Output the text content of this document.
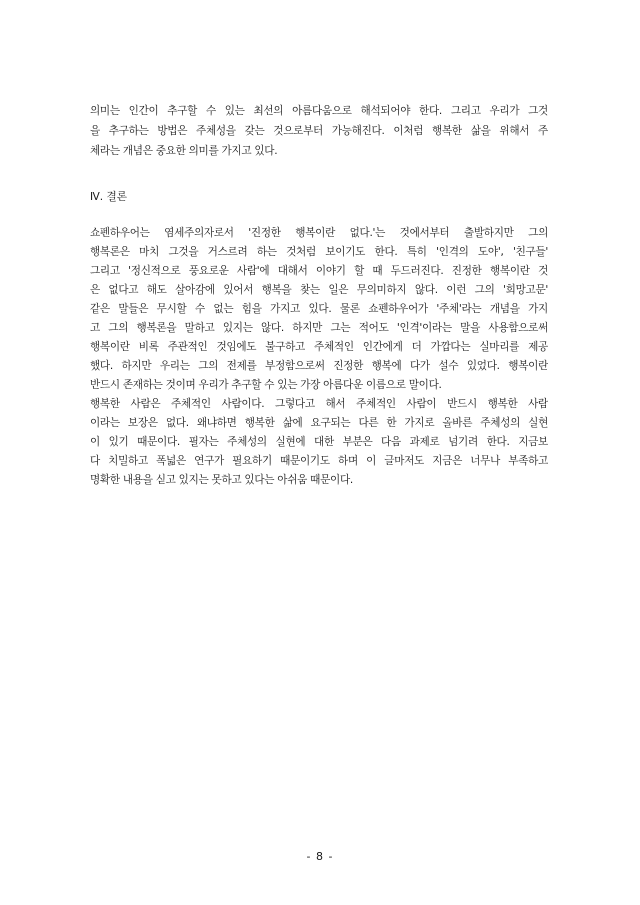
의미는 인간이 추구할 수 있는 최선의 아름다움으로 해석되어야 한다. 그리고 우리가 그것
을 추구하는 방법은 주체성을 갖는 것으로부터 가능해진다. 이처럼 행복한 삶을 위해서 주
체라는 개념은 중요한 의미를 가지고 있다.
Ⅳ. 결론
쇼펜하우어는 염세주의자로서 '진정한 행복이란 없다.'는 것에서부터 출발하지만 그의
행복론은 마치 그것을 거스르려 하는 것처럼 보이기도 한다. 특히 '인격의 도야', '친구들'
그리고 '정신적으로 풍요로운 사람'에 대해서 이야기 할 때 두드러진다. 진정한 행복이란 것
은 없다고 해도 살아감에 있어서 행복을 찾는 일은 무의미하지 않다. 이런 그의 '희망고문'
같은 말들은 무시할 수 없는 힘을 가지고 있다. 물론 쇼펜하우어가 '주체'라는 개념을 가지
고 그의 행복론을 말하고 있지는 않다. 하지만 그는 적어도 '인격'이라는 말을 사용함으로써
행복이란 비록 주관적인 것임에도 불구하고 주체적인 인간에게 더 가깝다는 실마리를 제공
했다. 하지만 우리는 그의 전제를 부정함으로써 진정한 행복에 다가 설수 있었다. 행복이란
반드시 존재하는 것이며 우리가 추구할 수 있는 가장 아름다운 이름으로 말이다.
행복한 사람은 주체적인 사람이다. 그렇다고 해서 주체적인 사람이 반드시 행복한 사람
이라는 보장은 없다. 왜냐하면 행복한 삶에 요구되는 다른 한 가지로 올바른 주체성의 실현
이 있기 때문이다. 필자는 주체성의 실현에 대한 부분은 다음 과제로 넘기려 한다. 지금보
다 치밀하고 폭넓은 연구가 필요하기 때문이기도 하며 이 글마저도 지금은 너무나 부족하고
명확한 내용을 싣고 있지는 못하고 있다는 아쉬움 때문이다.
- 8 -
